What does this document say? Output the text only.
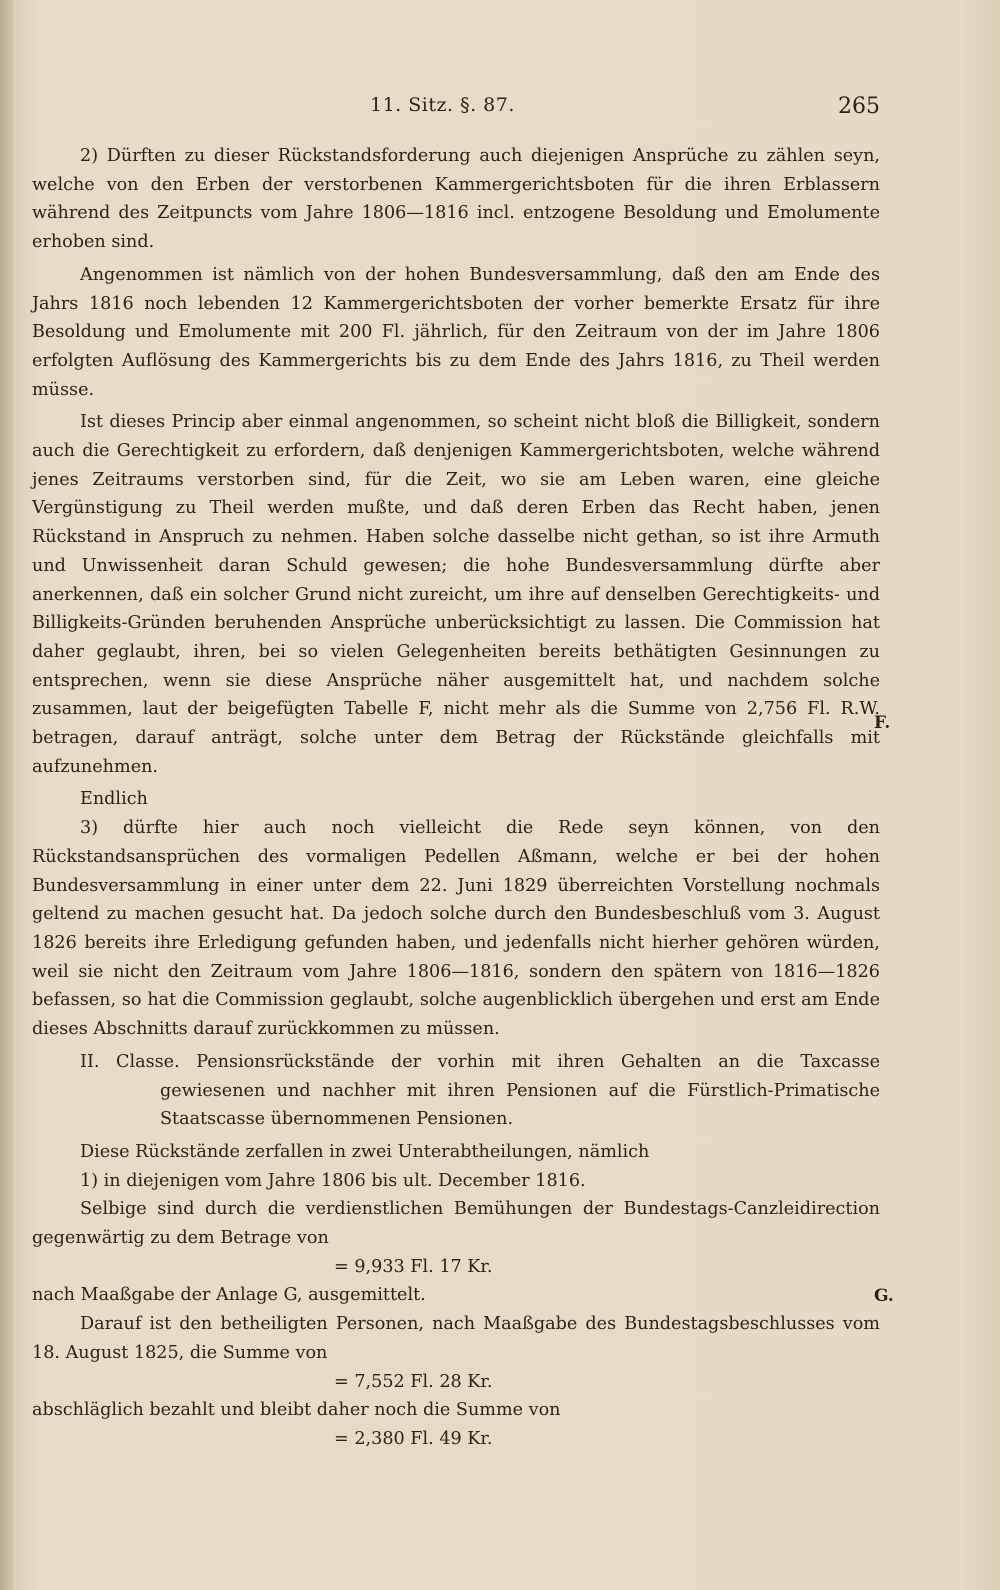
11. Sitz. §. 87.	265

2) Dürften zu dieser Rückstandsforderung auch diejenigen Ansprüche zu zählen seyn, welche von den Erben der verstorbenen Kammergerichtsboten für die ihren Erblassern während des Zeitpuncts vom Jahre 1806—1816 incl. entzogene Besoldung und Emolumente erhoben sind.

Angenommen ist nämlich von der hohen Bundesversammlung, daß den am Ende des Jahrs 1816 noch lebenden 12 Kammergerichtsboten der vorher bemerkte Ersatz für ihre Besoldung und Emolumente mit 200 Fl. jährlich, für den Zeitraum von der im Jahre 1806 erfolgten Auflösung des Kammergerichts bis zu dem Ende des Jahrs 1816, zu Theil werden müsse.

Ist dieses Princip aber einmal angenommen, so scheint nicht bloß die Billigkeit, sondern auch die Gerechtigkeit zu erfordern, daß denjenigen Kammergerichtsboten, welche während jenes Zeitraums verstorben sind, für die Zeit, wo sie am Leben waren, eine gleiche Vergünstigung zu Theil werden mußte, und daß deren Erben das Recht haben, jenen Rückstand in Anspruch zu nehmen. Haben solche dasselbe nicht gethan, so ist ihre Armuth und Unwissenheit daran Schuld gewesen; die hohe Bundesversammlung dürfte aber anerkennen, daß ein solcher Grund nicht zureicht, um ihre auf denselben Gerechtigkeits- und Billigkeits-Gründen beruhenden Ansprüche unberücksichtigt zu lassen. Die Commission hat daher geglaubt, ihren, bei so vielen Gelegenheiten bereits bethätigten Gesinnungen zu entsprechen, wenn sie diese Ansprüche näher ausgemittelt hat, und nachdem solche zusammen, laut der beigefügten Tabelle F, nicht mehr als die Summe von 2,756 Fl. R.W. betragen, darauf anträgt, solche unter dem Betrag der Rückstände gleichfalls mit aufzunehmen.

Endlich

3) dürfte hier auch noch vielleicht die Rede seyn können, von den Rückstandsansprüchen des vormaligen Pedellen Aßmann, welche er bei der hohen Bundesversammlung in einer unter dem 22. Juni 1829 überreichten Vorstellung nochmals geltend zu machen gesucht hat. Da jedoch solche durch den Bundesbeschluß vom 3. August 1826 bereits ihre Erledigung gefunden haben, und jedenfalls nicht hierher gehören würden, weil sie nicht den Zeitraum vom Jahre 1806—1816, sondern den spätern von 1816—1826 befassen, so hat die Commission geglaubt, solche augenblicklich übergehen und erst am Ende dieses Abschnitts darauf zurückkommen zu müssen.

II. Classe. Pensionsrückstände der vorhin mit ihren Gehalten an die Taxcasse gewiesenen und nachher mit ihren Pensionen auf die Fürstlich-Primatische Staatscasse übernommenen Pensionen.

Diese Rückstände zerfallen in zwei Unterabtheilungen, nämlich

1) in diejenigen vom Jahre 1806 bis ult. December 1816.

Selbige sind durch die verdienstlichen Bemühungen der Bundestags-Canzleidirection gegenwärtig zu dem Betrage von

= 9,933 Fl. 17 Kr.

nach Maaßgabe der Anlage G, ausgemittelt.

Darauf ist den betheiligten Personen, nach Maaßgabe des Bundestagsbeschlusses vom 18. August 1825, die Summe von

= 7,552 Fl. 28 Kr.

abschläglich bezahlt und bleibt daher noch die Summe von

= 2,380 Fl. 49 Kr.

F.
G.
